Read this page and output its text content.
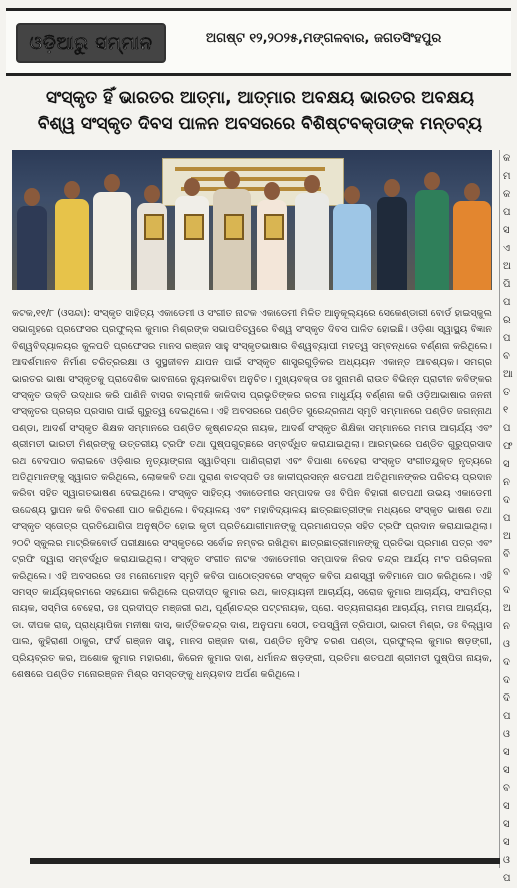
ଓଡ଼ିଆରୁ ସମ୍ମାନ	ଅଗଷ୍ଟ ୧୨,୨୦୨୫,ମଙ୍ଗଳବାର, ଜଗତସିଂହପୁର
ସଂସ୍କୃତ ହିଁ ଭାରତର ଆତ୍ମା, ଆତ୍ମାର ଅବକ୍ଷୟ ଭାରତର ଅବକ୍ଷୟ
ବିଶ୍ୱ ସଂସ୍କୃତ ଦିବସ ପାଳନ ଅବସରରେ ବିଶିଷ୍ଟବକ୍ତାଙ୍କ ମନ୍ତବ୍ୟ

କଟକ,୧୧/୮ (ଓସନ୍ଦା): ସଂସ୍କୃତ ସାହିତ୍ୟ ଏକାଡେମୀ ଓ ସଂଗୀତ ନାଟକ ଏକାଡେମୀ ମିଳିତ ଆନୁକୂଲ୍ୟରେ ସେକେଣ୍ଡାରୀ ବୋର୍ଡ ହାଇସ୍କୁଲ ସଭାଗୃହରେ ପ୍ରଫେସର ପ୍ରଫୁଲ୍ଲ କୁମାର ମିଶ୍ରଙ୍କ ସଭାପତିତ୍ୱରେ ବିଶ୍ୱ ସଂସ୍କୃତ ଦିବସ ପାଳିତ ହୋଇଛି। ଓଡ଼ିଶା ସ୍ୱାସ୍ଥ୍ୟ ବିଜ୍ଞାନ ବିଶ୍ୱବିଦ୍ୟାଳୟର କୁଳପତି ପ୍ରଫେସର ମାନସ ରଞ୍ଜନ ସାହୁ ସଂସ୍କୃତଭାଷାର ବିଶ୍ୱବ୍ୟାପୀ ମହତ୍ୱ ସମ୍ବନ୍ଧରେ ବର୍ଣ୍ଣନା କରିଥିଲେ। ଆଦର୍ଶମାନବ ନିର୍ମାଣ ଚରିତ୍ରରକ୍ଷା ଓ ସୁସ୍ଥଜୀବନ ଯାପନ ପାଇଁ ସଂସ୍କୃତ ଶାସ୍ତ୍ରଗୁଡ଼ିକର ଅଧ୍ୟୟନ ଏକାନ୍ତ ଆବଶ୍ୟକ। ସମଗ୍ର ଭାରତର ଭାଷା ସଂସ୍କୃତକୁ ପ୍ରାଦେଶିକ ଭାବନାରେ ନ୍ୟୁନଭାବିବା ଅନୁଚିତ। ମୁଖ୍ୟବକ୍ତା ଡଃ ସୁନାମଣି ରାଉତ ବିଭିନ୍ନ ପ୍ରାଚୀନ କବିଙ୍କର ସଂସ୍କୃତ ଉକ୍ତି ଉଦ୍ଧାର କରି ପାଣିନି ବାସର ବାଲ୍ମୀକି କାଳିଦାସ ପ୍ରଭୃତିଙ୍କର ରଚନା ମାଧୁର୍ଯ୍ୟ ବର୍ଣ୍ଣନା କରି ଓଡ଼ିଆଭାଷାର ଜନନୀ ସଂସ୍କୃତର ପ୍ରଚାର ପ୍ରସାର ପାଇଁ ଗୁରୁତ୍ୱ ଦେଇଥିଲେ। ଏହି ଅବସରରେ ପଣ୍ଡିତ ସୁରେନ୍ଦ୍ରନାଥ ସ୍ମୃତି ସମ୍ମାନରେ ପଣ୍ଡିତ ଜଗନ୍ନାଥ ପଣ୍ଡା, ଆଦର୍ଶ ସଂସ୍କୃତ ଶିକ୍ଷକ ସମ୍ମାନରେ ପଣ୍ଡିତ କୃଷ୍ଣଚନ୍ଦ୍ର ନାୟକ, ଆଦର୍ଶ ସଂସ୍କୃତ ଶିକ୍ଷିକା ସମ୍ମାନରେ ମମତା ଆଚାର୍ଯ୍ୟ ଏବଂ ଶ୍ରୀମତୀ ଭାରତୀ ମିଶ୍ରଙ୍କୁ ଉତ୍ତରୀୟ ଟ୍ରଫି ତଥା ପୁଷ୍ପଗୁଚ୍ଛରେ ସମ୍ବର୍ଦ୍ଧିତ କରାଯାଇଥିଲା। ଆରମ୍ଭରେ ପଣ୍ଡିତ ଗୁରୁପ୍ରସାଦ ରଥ ବେଦପାଠ କରାଇବେ ଓଡ଼ିଶାର ନୃତ୍ୟାଙ୍ଗନା ସ୍ୱାତିସ୍ମା ପାଣିଗ୍ରାହୀ ଏବଂ ବିପାଶା ବେହେରା ସଂସ୍କୃତ ସଂଗୀତଯୁକ୍ତ ନୃତ୍ୟରେ ଅତିଥିମାନଙ୍କୁ ସ୍ୱାଗତ କରିଥିଲେ, ଲୋକକବି ତଥା ପୁରାଣ ବାଚସ୍ପତି ଡଃ କାଳୀପ୍ରସନ୍ନ ଶତପଥୀ ଅତିଥିମାନଙ୍କର ପରିଚୟ ପ୍ରଦାନ କରିବା ସହିତ ସ୍ୱାଗତଭାଷଣ ଦେଇଥିଲେ। ସଂସ୍କୃତ ସାହିତ୍ୟ ଏକାଡେମୀର ସମ୍ପାଦକ ଡଃ ବିପିନ ବିହାରୀ ଶତପଥୀ ଉଭୟ ଏକାଡେମୀ ଉଦ୍ଦେଶ୍ୟ ସ୍ଥାପନ କରି ବିବରଣୀ ପାଠ କରିଥିଲେ। ବିଦ୍ୟାଳୟ ଏବଂ ମହାବିଦ୍ୟାଳୟ ଛାତ୍ରଛାତ୍ରୀଙ୍କ ମଧ୍ୟରେ ସଂସ୍କୃତ ଭାଷଣ ତଥା ସଂସ୍କୃତ ସ୍ତୋତ୍ର ପ୍ରତିଯୋଗିତା ଅନୁଷ୍ଠିତ ହୋଇ କୃତୀ ପ୍ରତିଯୋଗୀମାନଙ୍କୁ ପ୍ରମାଣପତ୍ର ସହିତ ଟ୍ରଫି ପ୍ରଦାନ କରାଯାଇଥିଲା। ୨୦ଟି ସ୍କୁଲର ମାଟ୍ରିକବୋର୍ଡ ପରୀକ୍ଷାରେ ସଂସ୍କୃତରେ ସର୍ବୋଚ୍ଚ ନମ୍ବର ରଖିଥିବା ଛାତ୍ରଛାତ୍ରୀମାନଙ୍କୁ ପ୍ରତିଭା ପ୍ରମାଣ ପତ୍ର ଏବଂ ଟ୍ରଫି ଦ୍ୱାରା ସମ୍ବର୍ଦ୍ଧିତ କରାଯାଇଥିଲା। ସଂସ୍କୃତ ସଂଗୀତ ନାଟକ ଏକାଡେମୀର ସମ୍ପାଦକ ନିରଦ ଚନ୍ଦ୍ର ଆର୍ଯ୍ୟ ମଂଚ ପରିଚାଳନା କରିଥିଲେ। ଏହି ଅବସରରେ ଡଃ ମନୋମୋହନ ସ୍ମୃତି କବିତା ପାଠୋତ୍ସବରେ ସଂସ୍କୃତ କବିତା ଯଶସ୍ୱୀ କବିମାନେ ପାଠ କରିଥିଲେ। ଏହି ସମସ୍ତ କାର୍ଯ୍ୟକ୍ରମରେ ସହଯୋଗ କରିଥିଲେ ପ୍ରଦୀପ୍ତ କୁମାର ରଥ, କାତ୍ୟାୟନୀ ଆଚାର୍ଯ୍ୟ, ସରୋଜ କୁମାର ଆଚାର୍ଯ୍ୟ, ସଂଘମିତ୍ରା ନାୟକ, ସସ୍ମିତା ବେହେରା, ଡଃ ପ୍ରଦୀପ୍ତ ମଞ୍ଜରୀ ରଥ, ପୂର୍ଣ୍ଣଚନ୍ଦ୍ର ପଟ୍ଟନାୟକ, ପ୍ରୋ. ସତ୍ୟନାରାୟଣ ଆଚାର୍ଯ୍ୟ, ମମତା ଆଚାର୍ଯ୍ୟ, ଡା. ଦୀପକ ରାଜ୍, ପ୍ରାଧ୍ୟାପିକା ମନୀଷା ଦାସ, କାର୍ତ୍ତିକଚନ୍ଦ୍ର ଦାଶ, ଅନୁପମା ସେଠୀ, ତପସ୍ୱିନୀ ତ୍ରିପାଠୀ, ଭାରତୀ ମିଶ୍ର, ଡଃ ବିଲ୍ୱାସ ପାଲ, କୁହିରାଣୀ ଠାକୁର, ଫର୍ଦ ଗଞ୍ଜନ ସାହୁ, ମାନସ ରଞ୍ଜନ ଦାଶ, ପଣ୍ଡିତ ନୃସିଂହ ଚରଣ ପଣ୍ଡା, ପ୍ରଫୁଲ୍ଲ କୁମାର ଷଡ଼ଙ୍ଗୀ, ପ୍ରିୟବ୍ରତ କର, ଅଶୋକ କୁମାର ମହାରଣା, କିରେନ କୁମାର ଦାଶ, ଧର୍ମାନନ୍ଦ ଷଡ଼ଙ୍ଗୀ, ପ୍ରତିମା ଶତପଥୀ ଶ୍ରୀମତୀ ପୁଷ୍ପିତା ନାୟକ, ଶେଷରେ ପଣ୍ଡିତ ମନୋରଞ୍ଜନ ମିଶ୍ର ସମସ୍ତଙ୍କୁ ଧନ୍ୟବାଦ ଅର୍ପଣ କରିଥିଲେ।

କ
ମ
କ
ପ
ସ
ଏ
ଅ
ପି
ପ
ର
ପ
ବ
ଆ
ତ
୧
ପ
ଫ
ସ
ନ
ଦ
ପ
ଅ
ବି
ବ
ଦ
ଅ
ନ
ଓ
ଦ
ଦ
ଦି
ପ
ଓ
ସ
ସ
ବ
ସ
ସ
ସ
ଓ
ପ
